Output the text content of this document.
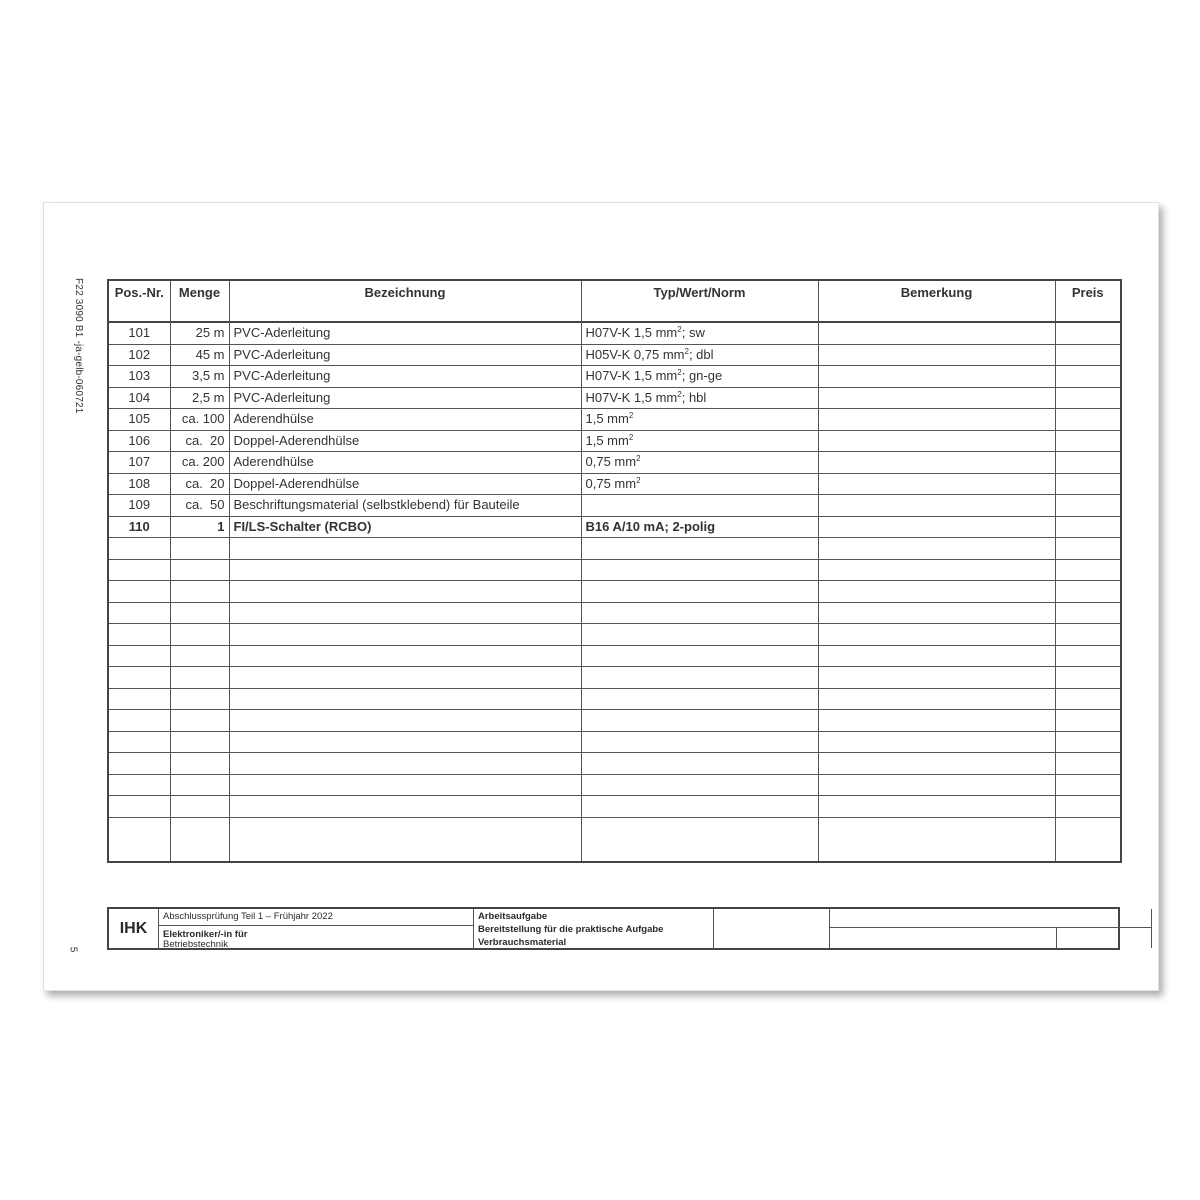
F22 3090 B1 -ja-gelb-060721
5
Pos.-Nr.	Menge	Bezeichnung	Typ/Wert/Norm	Bemerkung	Preis
101	25 m	PVC-Aderleitung	H07V-K 1,5 $mm^2$; sw		
102	45 m	PVC-Aderleitung	H05V-K 0,75 $mm^2$; dbl		
103	3,5 m	PVC-Aderleitung	H07V-K 1,5 $mm^2$; gn-ge		
104	2,5 m	PVC-Aderleitung	H07V-K 1,5 $mm^2$; hbl		
105	ca. 100	Aderendhülse	1,5 $mm^2$		
106	ca.  20	Doppel-Aderendhülse	1,5 $mm^2$		
107	ca. 200	Aderendhülse	0,75 $mm^2$		
108	ca.  20	Doppel-Aderendhülse	0,75 $mm^2$		
109	ca.  50	Beschriftungsmaterial (selbstklebend) für Bauteile			
110	1	FI/LS-Schalter (RCBO)	B16 A/10 mA; 2-polig		

IHK
Abschlussprüfung Teil 1 – Frühjahr 2022
Elektroniker/-in für
Betriebstechnik
Arbeitsaufgabe
Bereitstellung für die praktische Aufgabe
Verbrauchsmaterial
